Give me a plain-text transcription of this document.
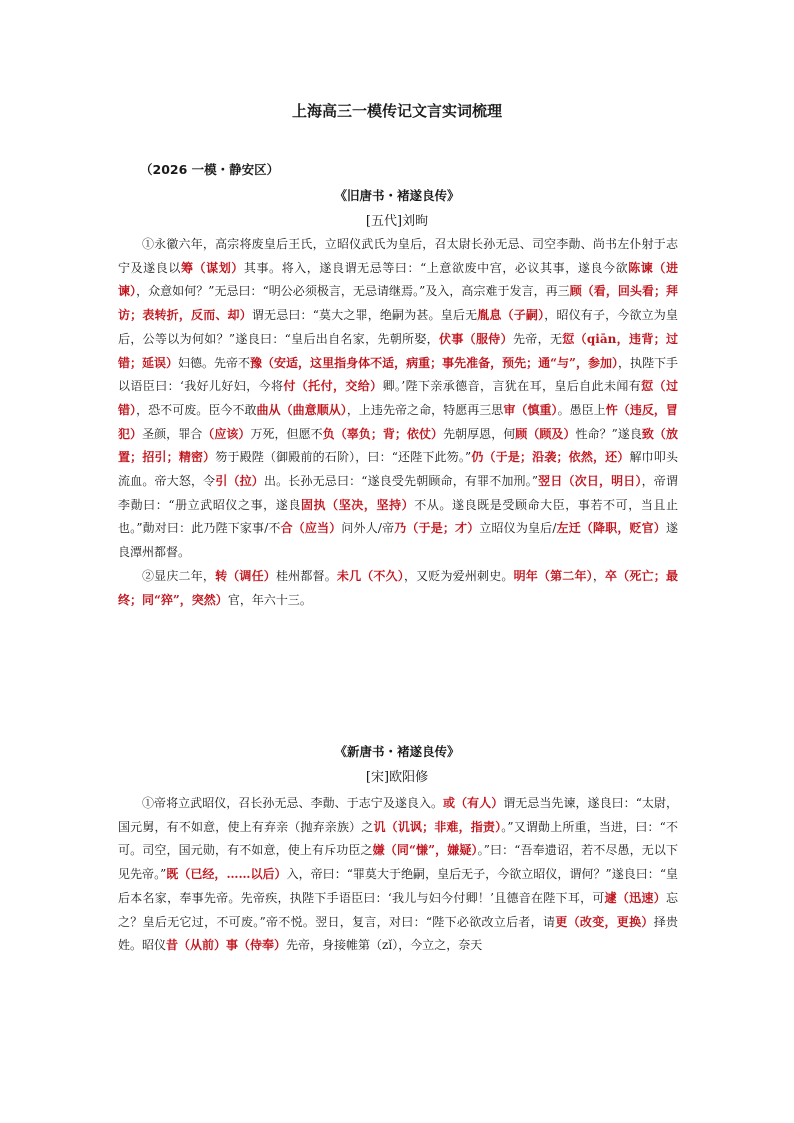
上海高三一模传记文言实词梳理
（2026 一模・静安区）
《旧唐书・褚遂良传》
[五代]刘昫

①永徽六年，高宗将废皇后王氏，立昭仪武氏为皇后，召太尉长孙无忌、司空李勣、尚书左仆射于志宁及遂良以筹（谋划）其事。将入，遂良谓无忌等曰：“上意欲废中宫，必议其事，遂良今欲陈谏（进谏），众意如何？”无忌曰：“明公必须极言，无忌请继焉。”及入，高宗难于发言，再三顾（看，回头看；拜访；表转折，反而、却）谓无忌曰：“莫大之罪，绝嗣为甚。皇后无胤息（子嗣），昭仪有子，今欲立为皇后，公等以为何如？”遂良曰：“皇后出自名家，先朝所娶，伏事（服侍）先帝，无愆（qiān，违背；过错；延误）妇德。先帝不豫（安适，这里指身体不适，病重；事先准备，预先；通“与”，参加），执陛下手以语臣曰：‘我好儿好妇，今将付（托付，交给）卿。’陛下亲承德音，言犹在耳，皇后自此未闻有愆（过错），恐不可废。臣今不敢曲从（曲意顺从），上违先帝之命，特愿再三思审（慎重）。愚臣上忤（违反，冒犯）圣颜，罪合（应该）万死，但愿不负（辜负；背；依仗）先朝厚恩，何顾（顾及）性命？”遂良致（放置；招引；精密）笏于殿陛（御殿前的石阶），曰：“还陛下此笏。”仍（于是；沿袭；依然，还）解巾叩头流血。帝大怒，令引（拉）出。长孙无忌曰：“遂良受先朝顾命，有罪不加刑。”翌日（次日，明日），帝谓李勣曰：“册立武昭仪之事，遂良固执（坚决，坚持）不从。遂良既是受顾命大臣，事若不可，当且止也。”勣对曰：此乃陛下家事/不合（应当）问外人/帝乃（于是；才）立昭仪为皇后/左迁（降职，贬官）遂良潭州都督。

②显庆二年，转（调任）桂州都督。未几（不久），又贬为爱州刺史。明年（第二年），卒（死亡；最终；同“猝”，突然）官，年六十三。

《新唐书・褚遂良传》
[宋]欧阳修

①帝将立武昭仪，召长孙无忌、李勣、于志宁及遂良入。或（有人）谓无忌当先谏，遂良曰：“太尉，国元舅，有不如意，使上有弃亲（抛弃亲族）之讥（讥讽；非难，指责）。”又谓勣上所重，当进，曰：“不可。司空，国元勋，有不如意，使上有斥功臣之嫌（同“慊”，嫌疑）。”曰：“吾奉遗诏，若不尽愚，无以下见先帝。”既（已经，……以后）入，帝曰：“罪莫大于绝嗣，皇后无子，今欲立昭仪，谓何？”遂良曰：“皇后本名家，奉事先帝。先帝疾，执陛下手语臣曰：‘我儿与妇今付卿！’且德音在陛下耳，可遽（迅速）忘之？皇后无它过，不可废。”帝不悦。翌日，复言，对曰：“陛下必欲改立后者，请更（改变，更换）择贵姓。昭仪昔（从前）事（侍奉）先帝，身接帷第（zǐ），今立之，奈天
